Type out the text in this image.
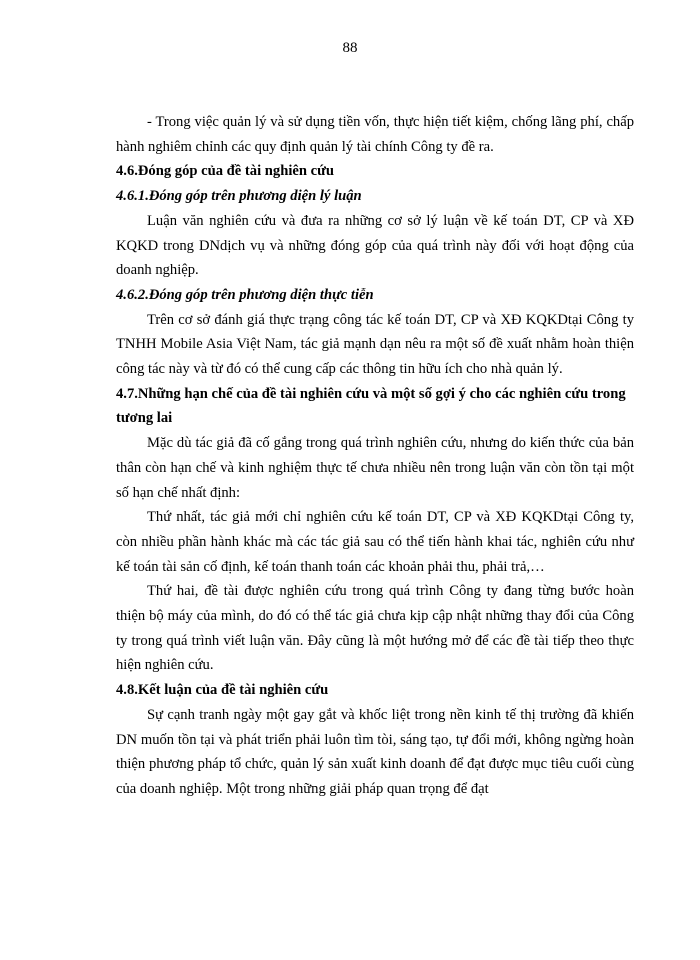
88

- Trong việc quản lý và sử dụng tiền vốn, thực hiện tiết kiệm, chống lãng phí, chấp hành nghiêm chỉnh các quy định quản lý tài chính Công ty đề ra.

4.6.Đóng góp của đề tài nghiên cứu
4.6.1.Đóng góp trên phương diện lý luận

Luận văn nghiên cứu và đưa ra những cơ sở lý luận về kế toán DT, CP và XĐ KQKD trong DNdịch vụ và những đóng góp của quá trình này đối với hoạt động của doanh nghiệp.

4.6.2.Đóng góp trên phương diện thực tiễn

Trên cơ sở đánh giá thực trạng công tác kế toán DT, CP và XĐ KQKDtại Công ty TNHH Mobile Asia Việt Nam, tác giả mạnh dạn nêu ra một số đề xuất nhằm hoàn thiện công tác này và từ đó có thể cung cấp các thông tin hữu ích cho nhà quản lý.

4.7.Những hạn chế của đề tài nghiên cứu và một số gợi ý cho các nghiên cứu trong tương lai

Mặc dù tác giả đã cố gắng trong quá trình nghiên cứu, nhưng do kiến thức của bản thân còn hạn chế và kinh nghiệm thực tế chưa nhiều nên trong luận văn còn tồn tại một số hạn chế nhất định:

Thứ nhất, tác giả mới chỉ nghiên cứu kế toán DT, CP và XĐ KQKDtại Công ty, còn nhiều phần hành khác mà các tác giả sau có thể tiến hành khai tác, nghiên cứu như kế toán tài sản cố định, kế toán thanh toán các khoản phải thu, phải trả,…

Thứ hai, đề tài được nghiên cứu trong quá trình Công ty đang từng bước hoàn thiện bộ máy của mình, do đó có thể tác giả chưa kịp cập nhật những thay đổi của Công ty trong quá trình viết luận văn. Đây cũng là một hướng mở để các đề tài tiếp theo thực hiện nghiên cứu.

4.8.Kết luận của đề tài nghiên cứu

Sự cạnh tranh ngày một gay gắt và khốc liệt trong nền kinh tế thị trường đã khiến DN muốn tồn tại và phát triển phải luôn tìm tòi, sáng tạo, tự đổi mới, không ngừng hoàn thiện phương pháp tổ chức, quản lý sản xuất kinh doanh để đạt được mục tiêu cuối cùng của doanh nghiệp. Một trong những giải pháp quan trọng để đạt
